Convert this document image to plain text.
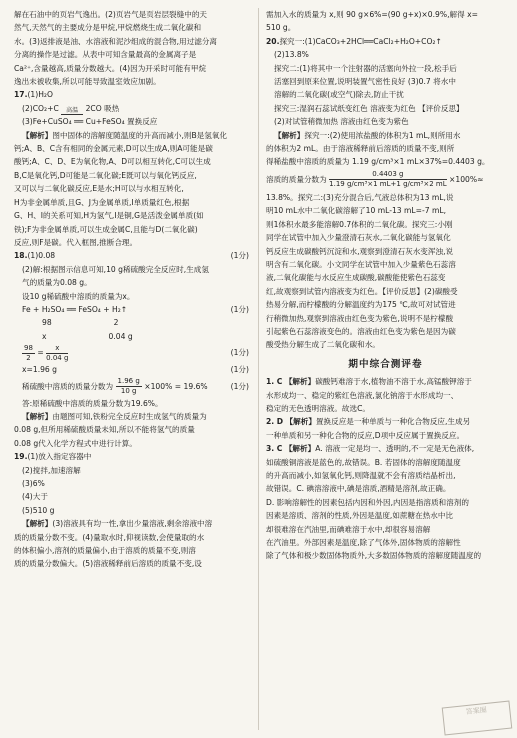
解在石油中的页岩气逸出。(2)页岩气是页岩层裂缝中的天

然气,天然气的主要成分是甲烷,甲烷燃烧生成二氧化碳和

水。(3)返排液是油、水溶液和泥沙组成的混合物,用过滤分离

分离的操作是过滤。从表中可知含量最高的金属离子是

Ca²⁺,含量越高,质量分数越大。(4)因为开采时可能有甲烷

逸出未被收集,所以可能导致温室效应加剧。

17.(1)H₂O

(2)CO₂+C	高温 2CO 吸热

(3)Fe+CuSO₄ ══ Cu+FeSO₄ 置换反应

【解析】图中固体的溶解度随温度的升高而减小,则B是氢氧化

钙;A、B、C含有相同的金属元素,D可以生成A,则A可能是碳

酸钙;A、C、D、E为氧化物,A、D可以相互转化,C可以生成

B,C是氧化钙,D可能是二氧化碳;E既可以与氧化钙反应,

又可以与二氧化碳反应,E是水;H可以与水相互转化,

H为非金属单质,且G、J为金属单质,I单质量红色,根据

G、H、I的关系可知,H为氢气,I是铜,G是活泼金属单质(如

铁);F为非金属单质,可以生成金属C,且能与D(二氧化碳)

反应,则F是碳。代入框图,推断合理。

18.(1)0.08	(1分)

(2)解:根据图示信息可知,10 g稀硫酸完全反应时,生成氢

气的质量为0.08 g。

设10 g稀硫酸中溶质的质量为x。

Fe + H₂SO₄ ══ FeSO₄ + H₂↑	(1分)

98	2

x	0.04 g

$\frac{98}{2} = \frac{x}{0.04 g}$	(1分)

x=1.96 g	(1分)

稀硫酸中溶质的质量分数为 $\frac{1.96 g}{10 g} \times 100\% = 19.6\%$	(1分)

答:原稀硫酸中溶质的质量分数为19.6%。

【解析】由题图可知,铁粉完全反应时生成氢气的质量为

0.08 g,但所用稀硫酸质量未知,所以不能将氢气的质量

0.08 g代入化学方程式中进行计算。

19.(1)放入指定容器中

(2)搅拌,加速溶解

(3)6%

(4)大于

(5)510 g

【解析】(3)溶液具有均一性,拿出少量溶液,剩余溶液中溶

质的质量分数不变。(4)量取水时,仰视读数,会使量取的水

的体积偏小,溶剂的质量偏小,由于溶质的质量不变,则溶

质的质量分数偏大。(5)溶液稀释前后溶质的质量不变,设

需加入水的质量为 x,则 90 g×6%=(90 g+x)×0.9%,解得 x=

510 g。

20.探究一:(1)CaCO₃+2HCl══CaCl₂+H₂O+CO₂↑

(2)13.8%

探究二:(1)将其中一个注射器的活塞向外拉一段,松手后

活塞回到原来位置,说明装置气密性良好 (3)0.7 将水中

溶解的二氧化碳(或空气)除去,防止干扰

探究三:湿润石蕊试纸变红色 溶液变为红色 【评价反思】

(2)对试管稍微加热 溶液由红色变为紫色

【解析】探究一:(2)使用浓盐酸的体积为1 mL,则所用水

的体积为2 mL。由于溶液稀释前后溶质的质量不变,则所

得稀盐酸中溶质的质量为 1.19 g/cm³×1 mL×37%=0.4403 g。

溶质的质量分数为 $\frac{0.4403 g}{\text{1.19 g/cm³×1 mL+1 g/cm³×2 mL}} \times 100\%\approx$

13.8%。探究二:(3)充分混合后,气液总体积为13 mL,说

明10 mL水中二氧化碳溶解了10 mL-13 mL=-7 mL,

则1体积水最多能溶解0.7体积的二氧化碳。探究三:小刚

同学在试管中加入少量澄清石灰水,二氧化碳能与氢氧化

钙反应生成碳酸钙沉淀和水,观察到澄清石灰水变浑浊,说

明含有二氧化碳。小文同学在试管中加入少量紫色石蕊溶

液,二氧化碳能与水反应生成碳酸,碳酸能使紫色石蕊变

红,故观察到试管内溶液变为红色。【评价反思】(2)碳酸受

热易分解,而柠檬酸的分解温度约为175 ℃,故可对试管进

行稍微加热,观察到溶液由红色变为紫色,说明不是柠檬酸

引起紫色石蕊溶液变色的。溶液由红色变为紫色是因为碳

酸受热分解生成了二氧化碳和水。

期中综合测评卷

1. C 【解析】碳酸钙难溶于水,植物油不溶于水,高锰酸钾溶于

水形成均一、稳定的紫红色溶液,氯化钠溶于水形成均一、

稳定的无色透明溶液。故选C。

2. D 【解析】置换反应是一种单质与一种化合物反应,生成另

一种单质和另一种化合物的反应,D项中反应属于置换反应。

3. C 【解析】A. 溶液一定是均一、透明的,不一定是无色液体,

如硫酸铜溶液是蓝色的,故错误。B. 若固体的溶解度随温度

的升高而减小,如氢氧化钙,则降温就不会有溶质结晶析出,

故错误。C. 碘溶溶液中,碘是溶质,酒精是溶剂,故正确。

D. 影响溶解性的因素包括内因和外因,内因是指溶质和溶剂的

因素是溶质、溶剂的性质,外因是温度,如蔗糖在热水中比

却很难溶在汽油里,而碘难溶于水中,却很容易溶解

在汽油里。外部因素是温度,除了气体外,固体物质的溶解性

除了气体和极少数固体物质外,大多数固体物质的溶解度随温度的

答案圈
